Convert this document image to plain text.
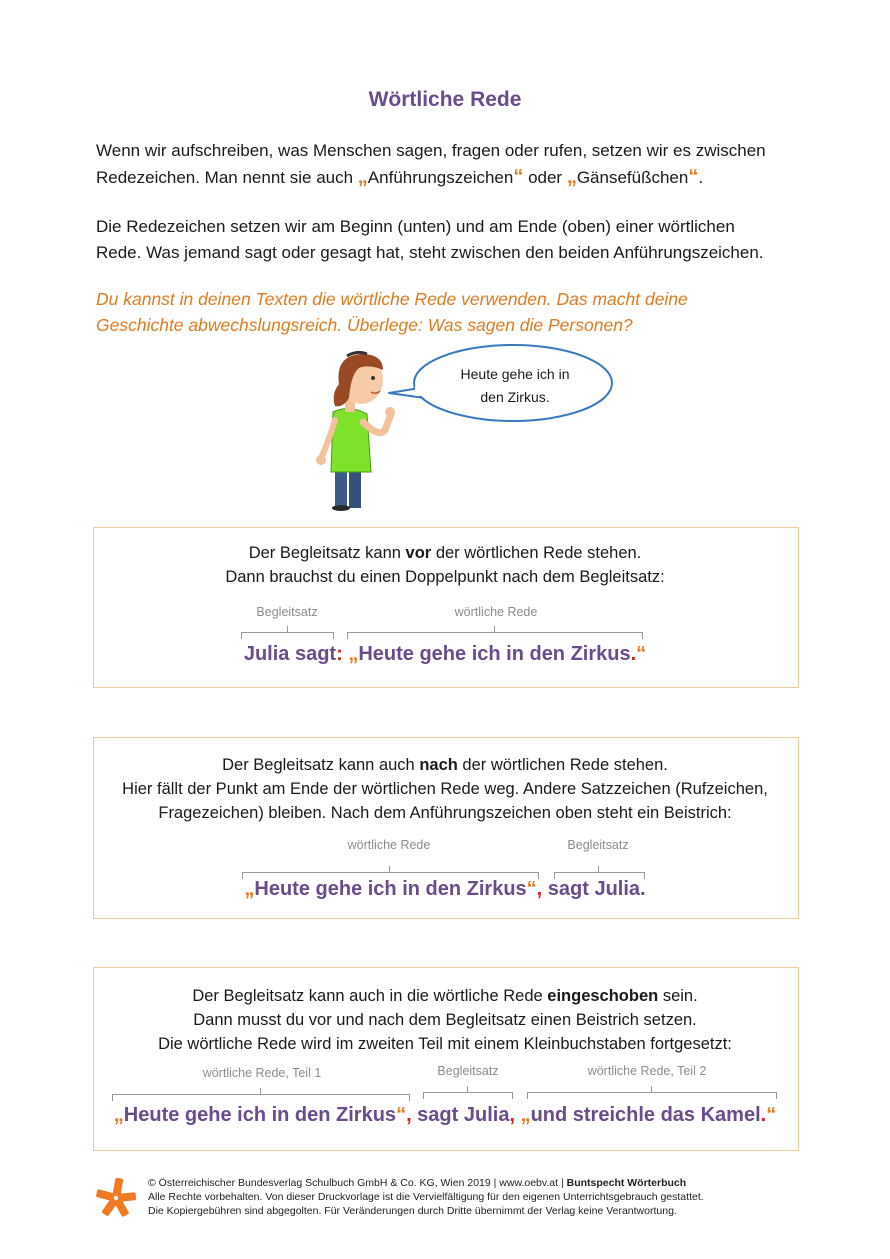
Wörtliche Rede
Wenn wir aufschreiben, was Menschen sagen, fragen oder rufen, setzen wir es zwischen
Redezeichen. Man nennt sie auch „Anführungszeichen“ oder „Gänsefüßchen“.
Die Redezeichen setzen wir am Beginn (unten) und am Ende (oben) einer wörtlichen
Rede. Was jemand sagt oder gesagt hat, steht zwischen den beiden Anführungszeichen.
Du kannst in deinen Texten die wörtliche Rede verwenden. Das macht deine
Geschichte abwechslungsreich. Überlege: Was sagen die Personen?
Heute gehe ich in
den Zirkus.
Der Begleitsatz kann vor der wörtlichen Rede stehen.
Dann brauchst du einen Doppelpunkt nach dem Begleitsatz:
Begleitsatz	wörtliche Rede
Julia sagt: „Heute gehe ich in den Zirkus.“
Der Begleitsatz kann auch nach der wörtlichen Rede stehen.
Hier fällt der Punkt am Ende der wörtlichen Rede weg. Andere Satzzeichen (Rufzeichen,
Fragezeichen) bleiben. Nach dem Anführungszeichen oben steht ein Beistrich:
wörtliche Rede	Begleitsatz
„Heute gehe ich in den Zirkus“, sagt Julia.
Der Begleitsatz kann auch in die wörtliche Rede eingeschoben sein.
Dann musst du vor und nach dem Begleitsatz einen Beistrich setzen.
Die wörtliche Rede wird im zweiten Teil mit einem Kleinbuchstaben fortgesetzt:
wörtliche Rede, Teil 1	Begleitsatz	wörtliche Rede, Teil 2
„Heute gehe ich in den Zirkus“, sagt Julia, „und streichle das Kamel.“
© Österreichischer Bundesverlag Schulbuch GmbH & Co. KG, Wien 2019 | www.oebv.at | Buntspecht Wörterbuch
Alle Rechte vorbehalten. Von dieser Druckvorlage ist die Vervielfältigung für den eigenen Unterrichtsgebrauch gestattet.
Die Kopiergebühren sind abgegolten. Für Veränderungen durch Dritte übernimmt der Verlag keine Verantwortung.
